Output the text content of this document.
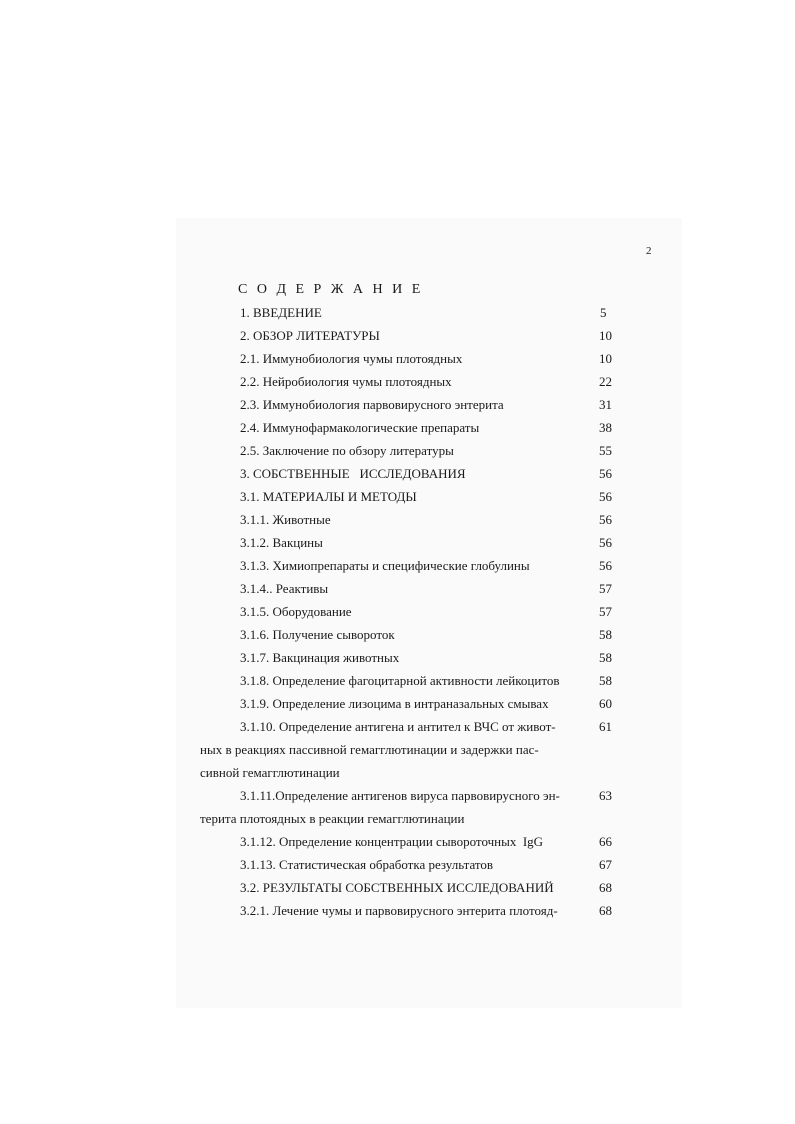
2
С О Д Е Р Ж А Н И Е
1. ВВЕДЕНИЕ	5
2. ОБЗОР ЛИТЕРАТУРЫ	10
2.1. Иммунобиология чумы плотоядных	10
2.2. Нейробиология чумы плотоядных	22
2.3. Иммунобиология парвовирусного энтерита	31
2.4. Иммунофармакологические препараты	38
2.5. Заключение по обзору литературы	55
3. СОБСТВЕННЫЕ   ИССЛЕДОВАНИЯ	56
3.1. МАТЕРИАЛЫ И МЕТОДЫ	56
3.1.1. Животные	56
3.1.2. Вакцины	56
3.1.3. Химиопрепараты и специфические глобулины	56
3.1.4.. Реактивы	57
3.1.5. Оборудование	57
3.1.6. Получение сывороток	58
3.1.7. Вакцинация животных	58
3.1.8. Определение фагоцитарной активности лейкоцитов	58
3.1.9. Определение лизоцима в интраназальных смывах	60
3.1.10. Определение антигена и антител к ВЧС от живот-	61
ных в реакциях пассивной гемагглютинации и задержки пас-
сивной гемагглютинации
3.1.11.Определение антигенов вируса парвовирусного эн-	63
терита плотоядных в реакции гемагглютинации
3.1.12. Определение концентрации сывороточных  IgG	66
3.1.13. Статистическая обработка результатов	67
3.2. РЕЗУЛЬТАТЫ СОБСТВЕННЫХ ИССЛЕДОВАНИЙ	68
3.2.1. Лечение чумы и парвовирусного энтерита плотояд-	68
